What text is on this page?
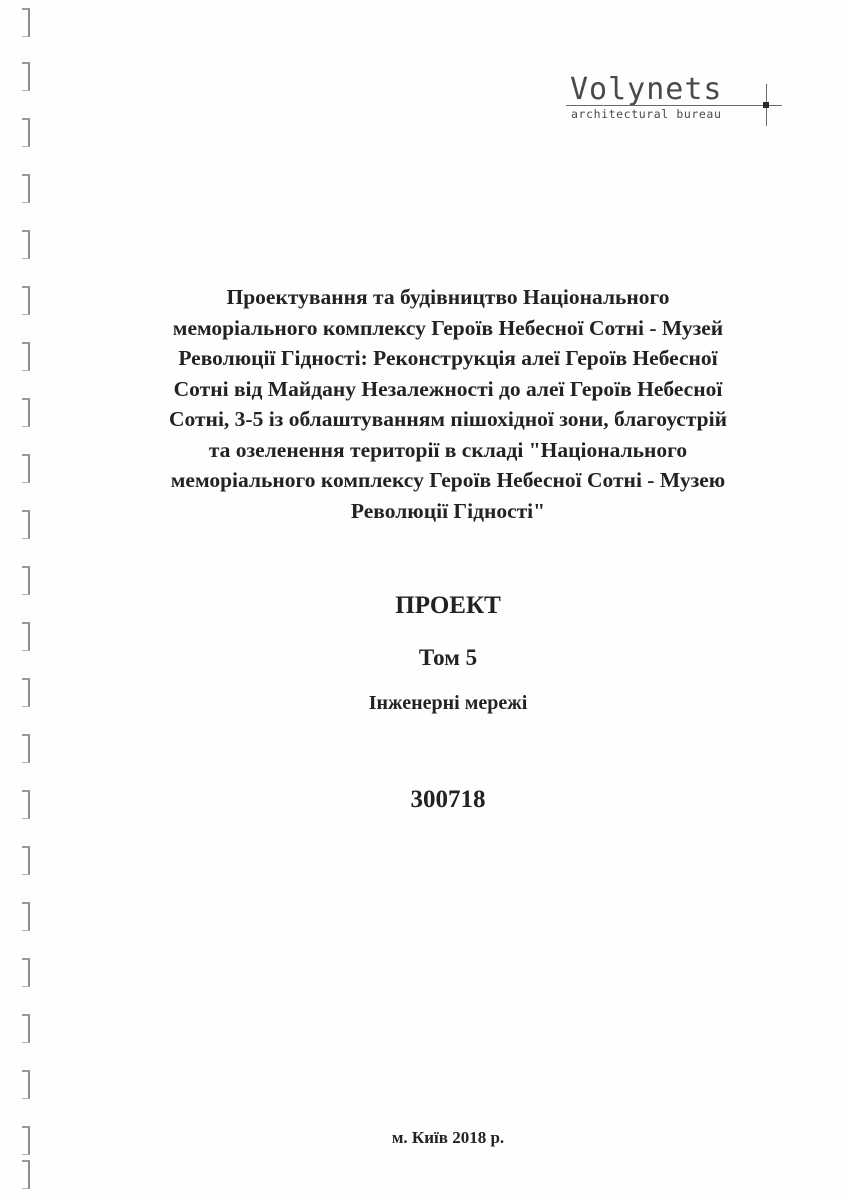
Volynets
architectural bureau
Проектування та будівництво Національного
меморіального комплексу Героїв Небесної Сотні - Музей
Революції Гідності: Реконструкція алеї Героїв Небесної
Сотні від Майдану Незалежності до алеї Героїв Небесної
Сотні, 3-5 із облаштуванням пішохідної зони, благоустрій
та озеленення території в складі "Національного
меморіального комплексу Героїв Небесної Сотні - Музею
Революції Гідності"
ПРОЕКТ
Том 5
Інженерні мережі
300718
м. Київ 2018 р.
